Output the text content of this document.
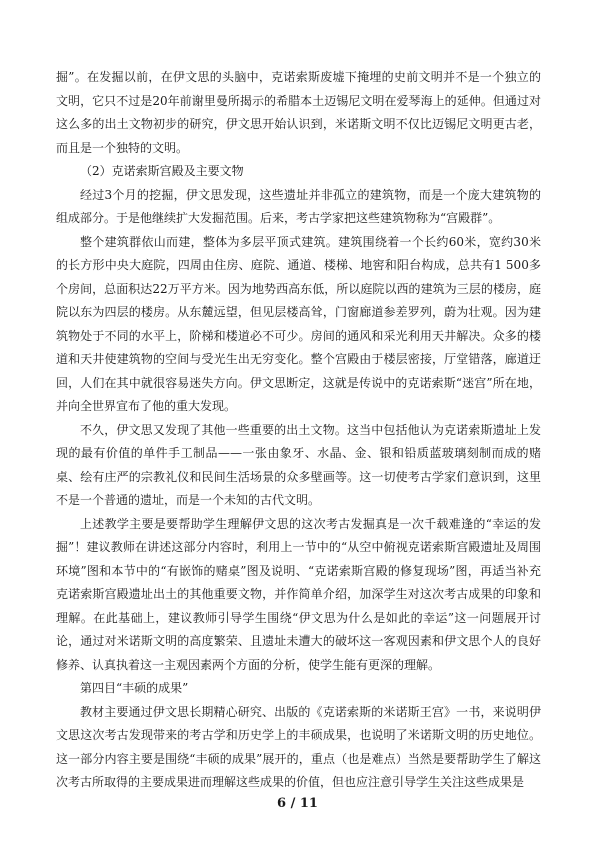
掘”。在发掘以前，在伊文思的头脑中，克诺索斯废墟下掩埋的史前文明并不是一个独立的文明，它只不过是20年前谢里曼所揭示的希腊本土迈锡尼文明在爱琴海上的延伸。但通过对这么多的出土文物初步的研究，伊文思开始认识到，米诺斯文明不仅比迈锡尼文明更古老，而且是一个独特的文明。

（2）克诺索斯宫殿及主要文物

经过3个月的挖掘，伊文思发现，这些遗址并非孤立的建筑物，而是一个庞大建筑物的组成部分。于是他继续扩大发掘范围。后来，考古学家把这些建筑物称为“宫殿群”。

整个建筑群依山而建，整体为多层平顶式建筑。建筑围绕着一个长约60米，宽约30米的长方形中央大庭院，四周由住房、庭院、通道、楼梯、地窖和阳台构成，总共有1 500多个房间，总面积达22万平方米。因为地势西高东低，所以庭院以西的建筑为三层的楼房，庭院以东为四层的楼房。从东麓远望，但见层楼高耸，门窗廊道参差罗列，蔚为壮观。因为建筑物处于不同的水平上，阶梯和楼道必不可少。房间的通风和采光利用天井解决。众多的楼道和天井使建筑物的空间与受光生出无穷变化。整个宫殿由于楼层密接，厅堂错落，廊道迂回，人们在其中就很容易迷失方向。伊文思断定，这就是传说中的克诺索斯“迷宫”所在地，并向全世界宣布了他的重大发现。

不久，伊文思又发现了其他一些重要的出土文物。这当中包括他认为克诺索斯遗址上发现的最有价值的单件手工制品——一张由象牙、水晶、金、银和铅质蓝玻璃刻制而成的赌桌、绘有庄严的宗教礼仪和民间生活场景的众多壁画等。这一切使考古学家们意识到，这里不是一个普通的遗址，而是一个未知的古代文明。

上述教学主要是要帮助学生理解伊文思的这次考古发掘真是一次千载难逢的“幸运的发掘”！建议教师在讲述这部分内容时，利用上一节中的“从空中俯视克诺索斯宫殿遗址及周围环境”图和本节中的“有嵌饰的赌桌”图及说明、“克诺索斯宫殿的修复现场”图，再适当补充克诺索斯宫殿遗址出土的其他重要文物，并作简单介绍，加深学生对这次考古成果的印象和理解。在此基础上，建议教师引导学生围绕“伊文思为什么是如此的幸运”这一问题展开讨论，通过对米诺斯文明的高度繁荣、且遗址未遭大的破坏这一客观因素和伊文思个人的良好修养、认真执着这一主观因素两个方面的分析，使学生能有更深的理解。

第四目“丰硕的成果”

教材主要通过伊文思长期精心研究、出版的《克诺索斯的米诺斯王宫》一书，来说明伊文思这次考古发现带来的考古学和历史学上的丰硕成果，也说明了米诺斯文明的历史地位。这一部分内容主要是围绕“丰硕的成果”展开的，重点（也是难点）当然是要帮助学生了解这次考古所取得的主要成果进而理解这些成果的价值，但也应注意引导学生关注这些成果是

6 / 11
